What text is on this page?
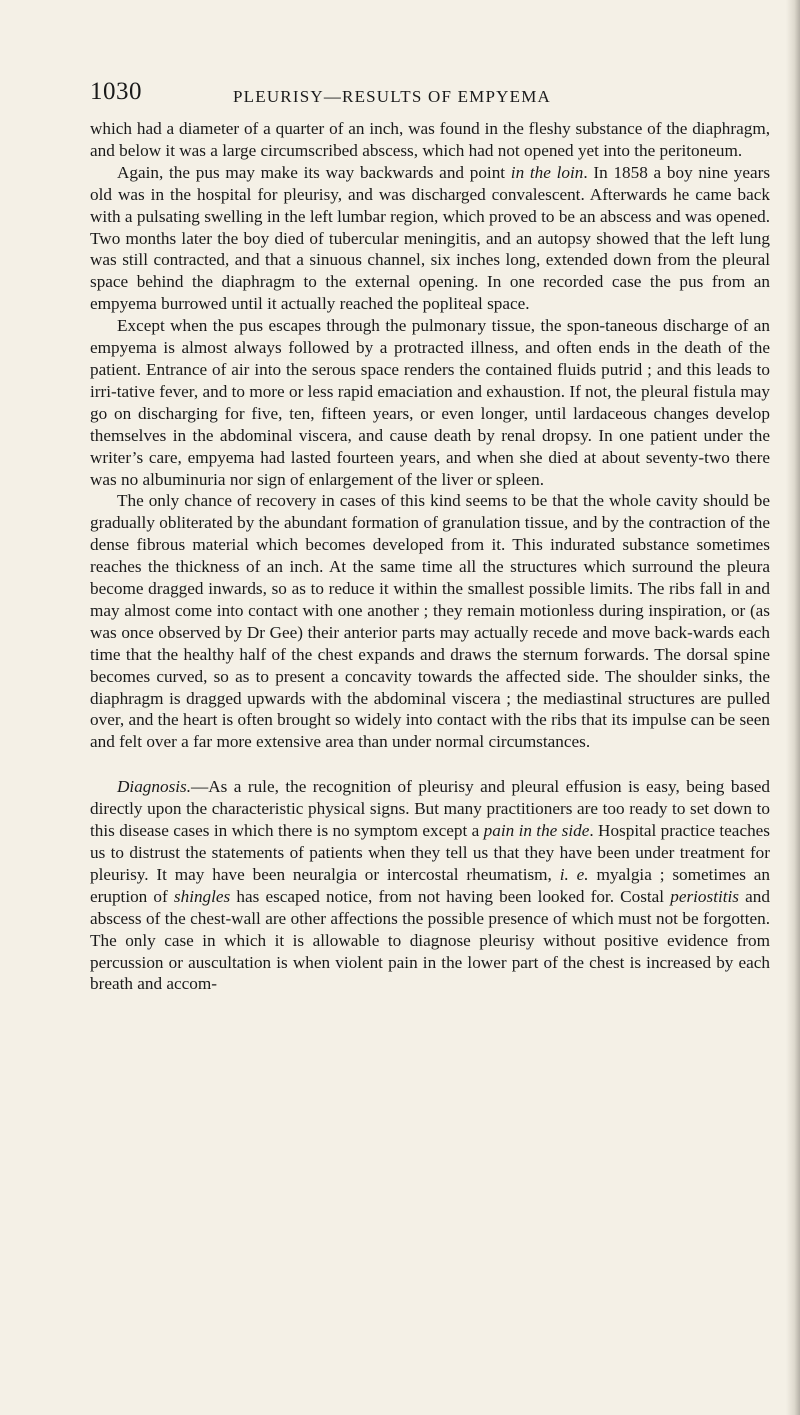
1030	PLEURISY—RESULTS OF EMPYEMA

which had a diameter of a quarter of an inch, was found in the fleshy substance of the diaphragm, and below it was a large circumscribed abscess, which had not opened yet into the peritoneum.

Again, the pus may make its way backwards and point in the loin. In 1858 a boy nine years old was in the hospital for pleurisy, and was discharged convalescent. Afterwards he came back with a pulsating swelling in the left lumbar region, which proved to be an abscess and was opened. Two months later the boy died of tubercular meningitis, and an autopsy showed that the left lung was still contracted, and that a sinuous channel, six inches long, extended down from the pleural space behind the diaphragm to the external opening. In one recorded case the pus from an empyema burrowed until it actually reached the popliteal space.

Except when the pus escapes through the pulmonary tissue, the spon-taneous discharge of an empyema is almost always followed by a protracted illness, and often ends in the death of the patient. Entrance of air into the serous space renders the contained fluids putrid ; and this leads to irri-tative fever, and to more or less rapid emaciation and exhaustion. If not, the pleural fistula may go on discharging for five, ten, fifteen years, or even longer, until lardaceous changes develop themselves in the abdominal viscera, and cause death by renal dropsy. In one patient under the writer’s care, empyema had lasted fourteen years, and when she died at about seventy-two there was no albuminuria nor sign of enlargement of the liver or spleen.

The only chance of recovery in cases of this kind seems to be that the whole cavity should be gradually obliterated by the abundant formation of granulation tissue, and by the contraction of the dense fibrous material which becomes developed from it. This indurated substance sometimes reaches the thickness of an inch. At the same time all the structures which surround the pleura become dragged inwards, so as to reduce it within the smallest possible limits. The ribs fall in and may almost come into contact with one another ; they remain motionless during inspiration, or (as was once observed by Dr Gee) their anterior parts may actually recede and move back-wards each time that the healthy half of the chest expands and draws the sternum forwards. The dorsal spine becomes curved, so as to present a concavity towards the affected side. The shoulder sinks, the diaphragm is dragged upwards with the abdominal viscera ; the mediastinal structures are pulled over, and the heart is often brought so widely into contact with the ribs that its impulse can be seen and felt over a far more extensive area than under normal circumstances.

Diagnosis.—As a rule, the recognition of pleurisy and pleural effusion is easy, being based directly upon the characteristic physical signs. But many practitioners are too ready to set down to this disease cases in which there is no symptom except a pain in the side. Hospital practice teaches us to distrust the statements of patients when they tell us that they have been under treatment for pleurisy. It may have been neuralgia or intercostal rheumatism, i. e. myalgia ; sometimes an eruption of shingles has escaped notice, from not having been looked for. Costal periostitis and abscess of the chest-wall are other affections the possible presence of which must not be forgotten. The only case in which it is allowable to diagnose pleurisy without positive evidence from percussion or auscultation is when violent pain in the lower part of the chest is increased by each breath and accom-
